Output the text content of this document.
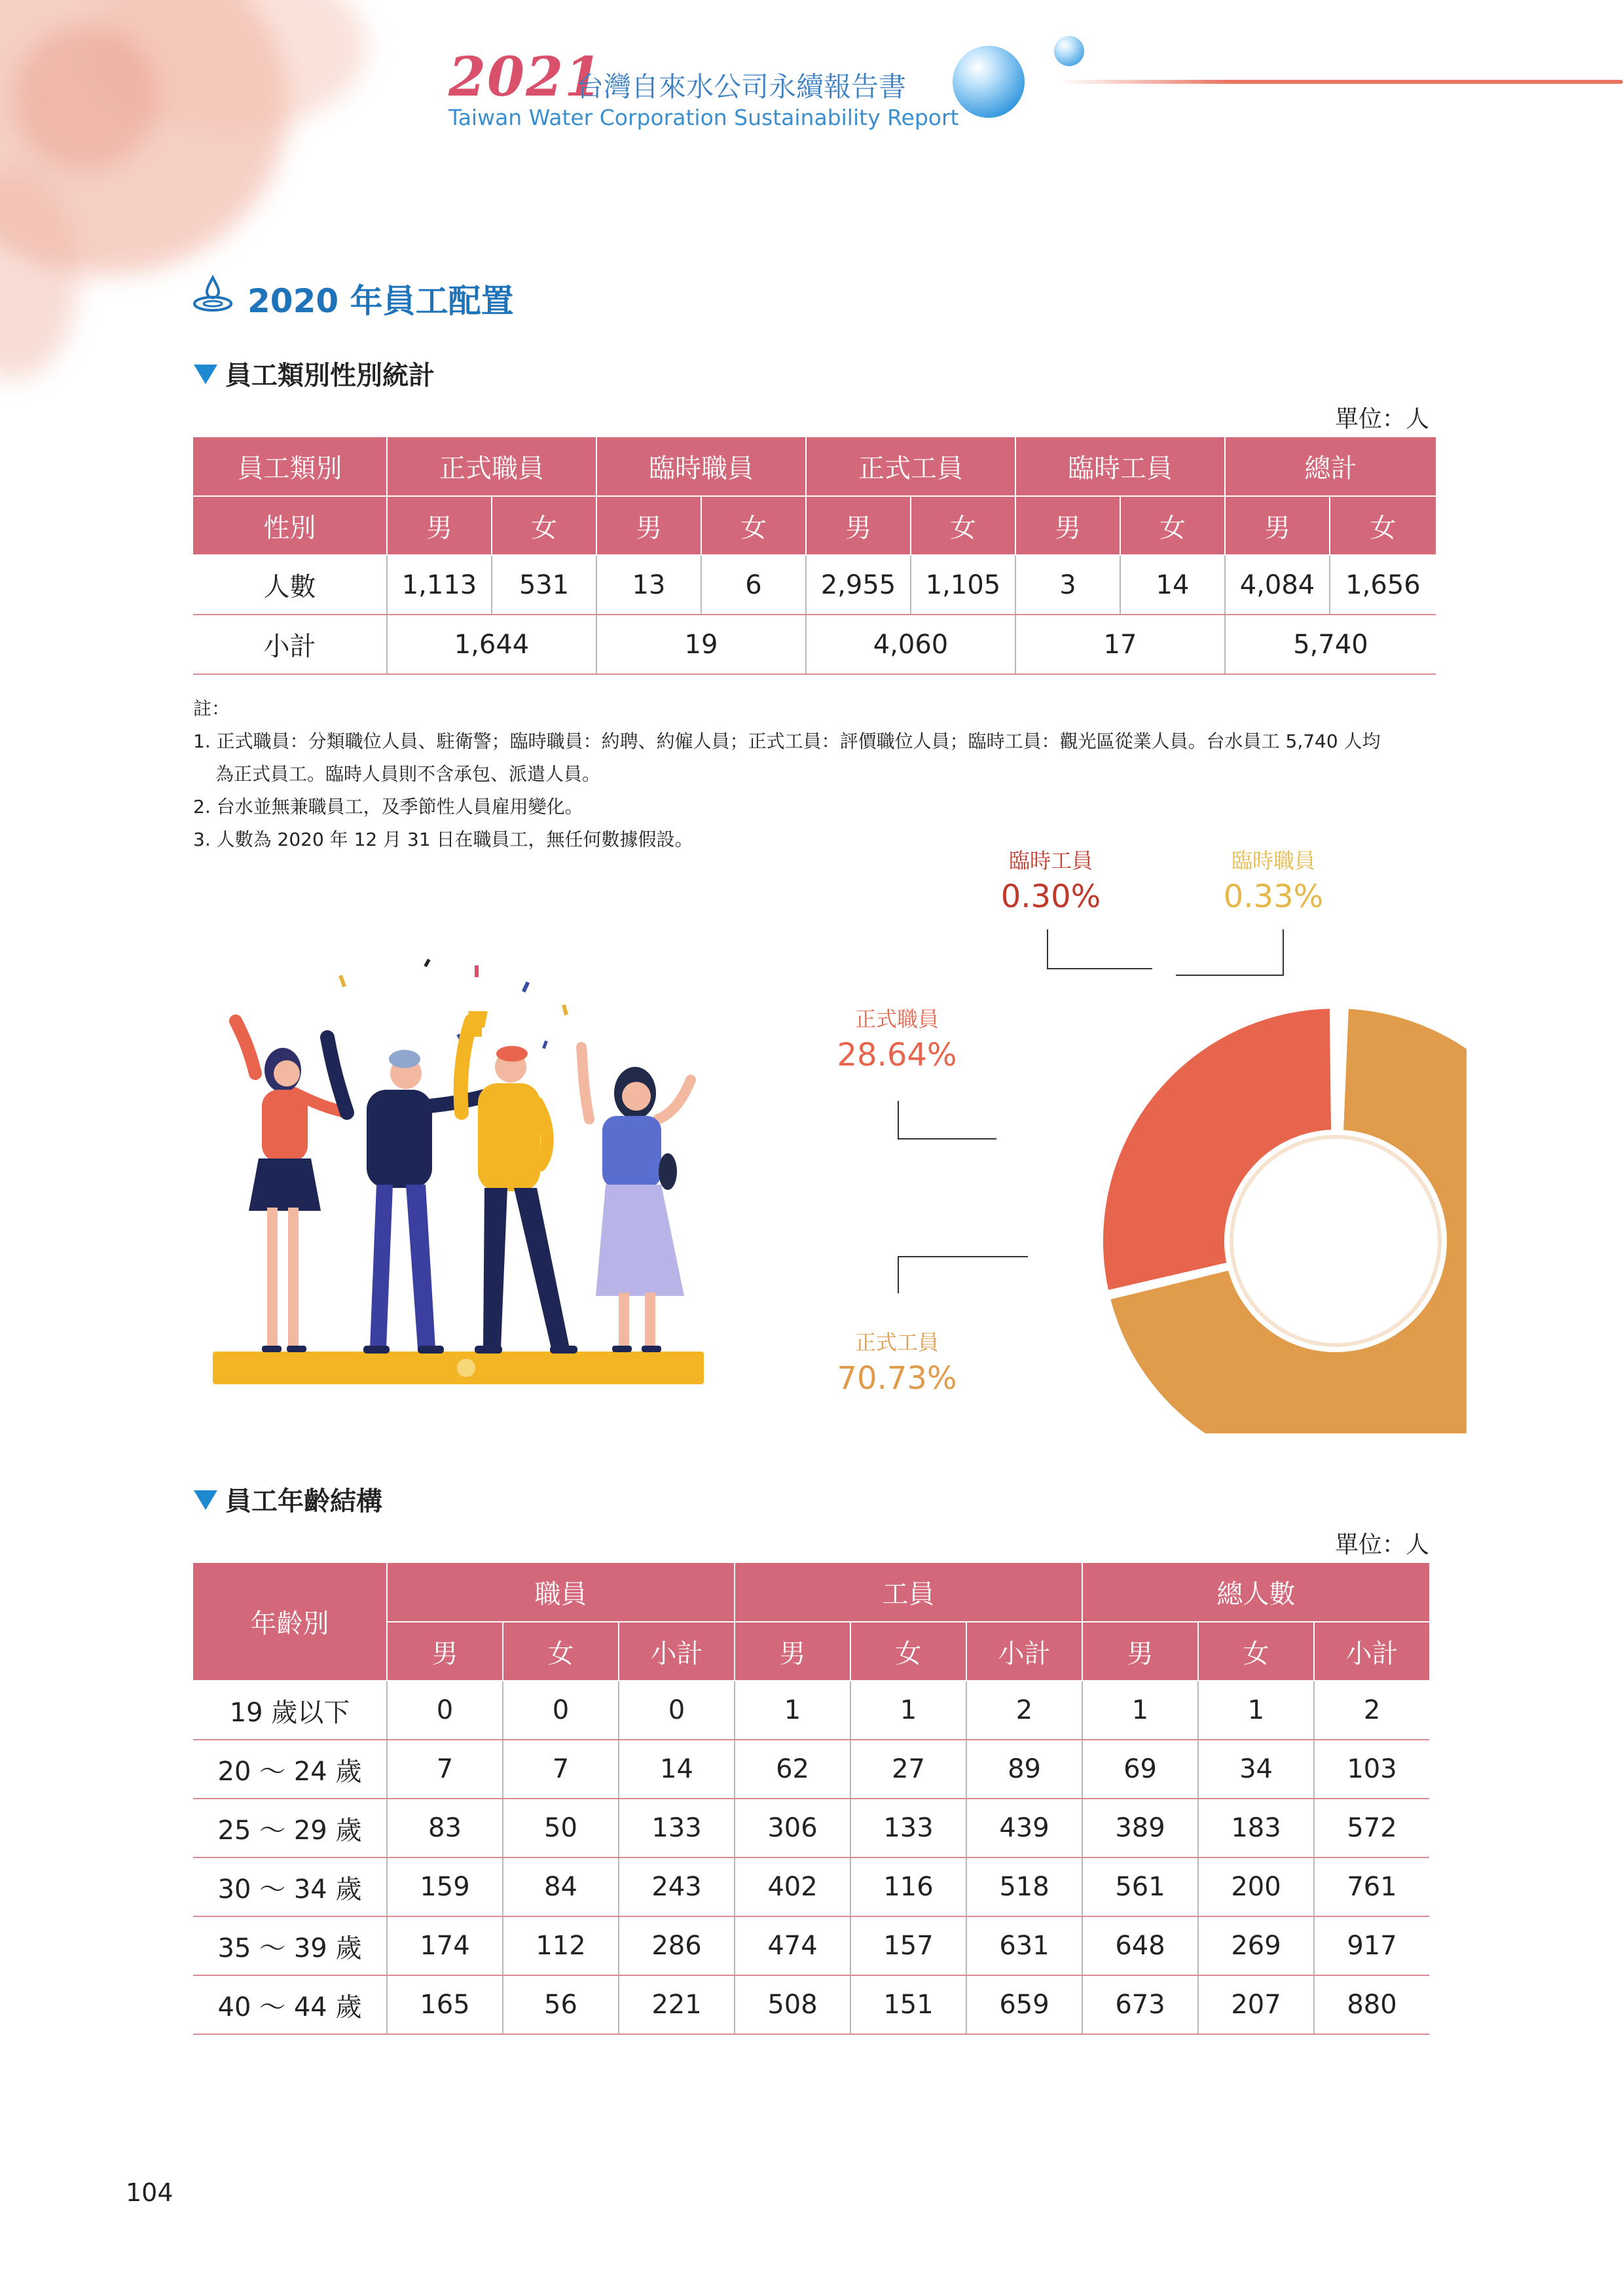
2021
台灣自來水公司永續報告書
Taiwan Water Corporation Sustainability Report
2020 年員工配置
員工類別性別統計
單位：人
員工類別	正式職員		臨時職員		正式工員		臨時工員		總計	
性別	男	女	男	女	男	女	男	女	男	女
人數	1,113	531	13	6	2,955	1,105	3	14	4,084	1,656
小計	1,644		19		4,060		17		5,740	

註：

1. 正式職員：分類職位人員、駐衛警；臨時職員：約聘、約僱人員；正式工員：評價職位人員；臨時工員：觀光區從業人員。台水員工 5,740 人均

為正式員工。臨時人員則不含承包、派遣人員。

2. 台水並無兼職員工，及季節性人員雇用變化。

3. 人數為 2020 年 12 月 31 日在職員工，無任何數據假設。

臨時工員
0.30%
臨時職員
0.33%
正式職員
28.64%
正式工員
70.73%
員工年齡結構
單位：人
年齡別	職員			工員			總人數		
	男	女	小計	男	女	小計	男	女	小計
19 歲以下	0	0	0	1	1	2	1	1	2
20 ～ 24 歲	7	7	14	62	27	89	69	34	103
25 ～ 29 歲	83	50	133	306	133	439	389	183	572
30 ～ 34 歲	159	84	243	402	116	518	561	200	761
35 ～ 39 歲	174	112	286	474	157	631	648	269	917
40 ～ 44 歲	165	56	221	508	151	659	673	207	880
104
